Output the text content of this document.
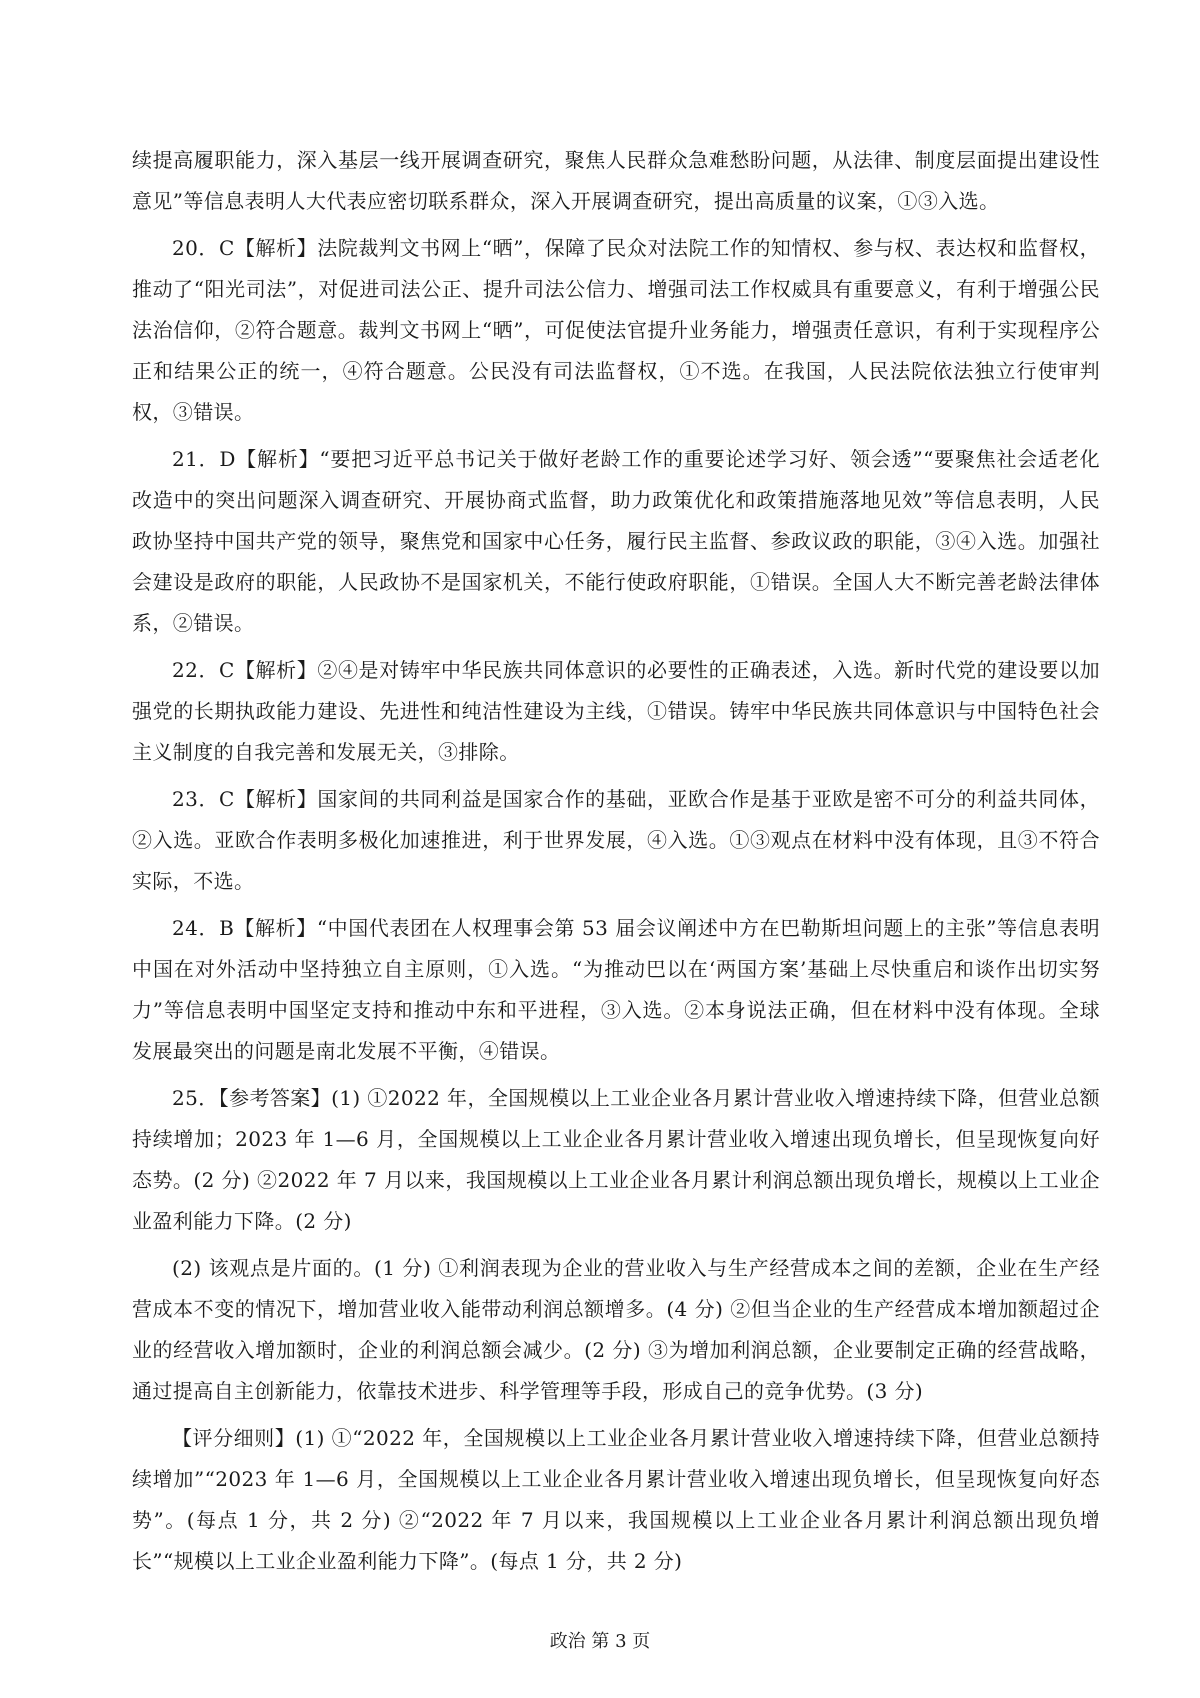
续提高履职能力，深入基层一线开展调查研究，聚焦人民群众急难愁盼问题，从法律、制度层面提出建设性意见”等信息表明人大代表应密切联系群众，深入开展调查研究，提出高质量的议案，①③入选。

20．C【解析】法院裁判文书网上“晒”，保障了民众对法院工作的知情权、参与权、表达权和监督权，推动了“阳光司法”，对促进司法公正、提升司法公信力、增强司法工作权威具有重要意义，有利于增强公民法治信仰，②符合题意。裁判文书网上“晒”，可促使法官提升业务能力，增强责任意识，有利于实现程序公正和结果公正的统一，④符合题意。公民没有司法监督权，①不选。在我国，人民法院依法独立行使审判权，③错误。

21．D【解析】“要把习近平总书记关于做好老龄工作的重要论述学习好、领会透”“要聚焦社会适老化改造中的突出问题深入调查研究、开展协商式监督，助力政策优化和政策措施落地见效”等信息表明，人民政协坚持中国共产党的领导，聚焦党和国家中心任务，履行民主监督、参政议政的职能，③④入选。加强社会建设是政府的职能，人民政协不是国家机关，不能行使政府职能，①错误。全国人大不断完善老龄法律体系，②错误。

22．C【解析】②④是对铸牢中华民族共同体意识的必要性的正确表述，入选。新时代党的建设要以加强党的长期执政能力建设、先进性和纯洁性建设为主线，①错误。铸牢中华民族共同体意识与中国特色社会主义制度的自我完善和发展无关，③排除。

23．C【解析】国家间的共同利益是国家合作的基础，亚欧合作是基于亚欧是密不可分的利益共同体，②入选。亚欧合作表明多极化加速推进，利于世界发展，④入选。①③观点在材料中没有体现，且③不符合实际，不选。

24．B【解析】“中国代表团在人权理事会第 53 届会议阐述中方在巴勒斯坦问题上的主张”等信息表明中国在对外活动中坚持独立自主原则，①入选。“为推动巴以在‘两国方案’基础上尽快重启和谈作出切实努力”等信息表明中国坚定支持和推动中东和平进程，③入选。②本身说法正确，但在材料中没有体现。全球发展最突出的问题是南北发展不平衡，④错误。

25．【参考答案】(1) ①2022 年，全国规模以上工业企业各月累计营业收入增速持续下降，但营业总额持续增加；2023 年 1—6 月，全国规模以上工业企业各月累计营业收入增速出现负增长，但呈现恢复向好态势。(2 分) ②2022 年 7 月以来，我国规模以上工业企业各月累计利润总额出现负增长，规模以上工业企业盈利能力下降。(2 分)

(2) 该观点是片面的。(1 分) ①利润表现为企业的营业收入与生产经营成本之间的差额，企业在生产经营成本不变的情况下，增加营业收入能带动利润总额增多。(4 分) ②但当企业的生产经营成本增加额超过企业的经营收入增加额时，企业的利润总额会减少。(2 分) ③为增加利润总额，企业要制定正确的经营战略，通过提高自主创新能力，依靠技术进步、科学管理等手段，形成自己的竞争优势。(3 分)

【评分细则】(1) ①“2022 年，全国规模以上工业企业各月累计营业收入增速持续下降，但营业总额持续增加”“2023 年 1—6 月，全国规模以上工业企业各月累计营业收入增速出现负增长，但呈现恢复向好态势”。(每点 1 分，共 2 分) ②“2022 年 7 月以来，我国规模以上工业企业各月累计利润总额出现负增长”“规模以上工业企业盈利能力下降”。(每点 1 分，共 2 分)

政治 第 3 页
